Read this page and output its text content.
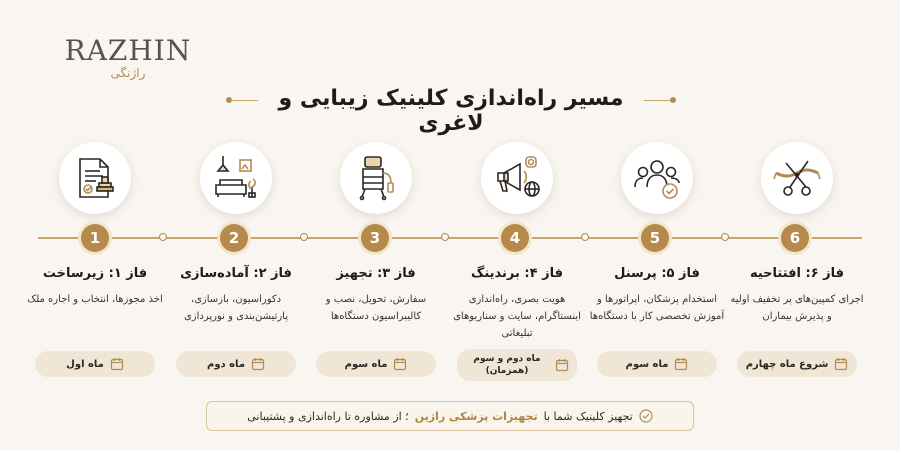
RAZHIN
راژنگی
مسیر راه‌اندازی کلینیک زیبایی و لاغری
1
فاز ۱: زیرساخت
اخذ مجوزها، انتخاب و اجاره ملک
ماه اول
2
فاز ۲: آماده‌سازی
دکوراسیون، بازسازی، پارتیشن‌بندی و نورپردازی
ماه دوم
3
فاز ۳: تجهیز
سفارش، تحویل، نصب و کالیبراسیون دستگاه‌ها
ماه سوم
4
فاز ۴: برندینگ
هویت بصری، راه‌اندازی اینستاگرام، سایت و سناریوهای تبلیغاتی
ماه دوم و سوم (همزمان)
5
فاز ۵: پرسنل
استخدام پزشکان، اپراتورها و آموزش تخصصی کار با دستگاه‌ها
ماه سوم
6
فاز ۶: افتتاحیه
اجرای کمپین‌های پر تخفیف اولیه و پذیرش بیماران
شروع ماه چهارم
تجهیز کلینیک شما با
تجهیزات پزشکی راژین
؛ از مشاوره تا راه‌اندازی و پشتیبانی
